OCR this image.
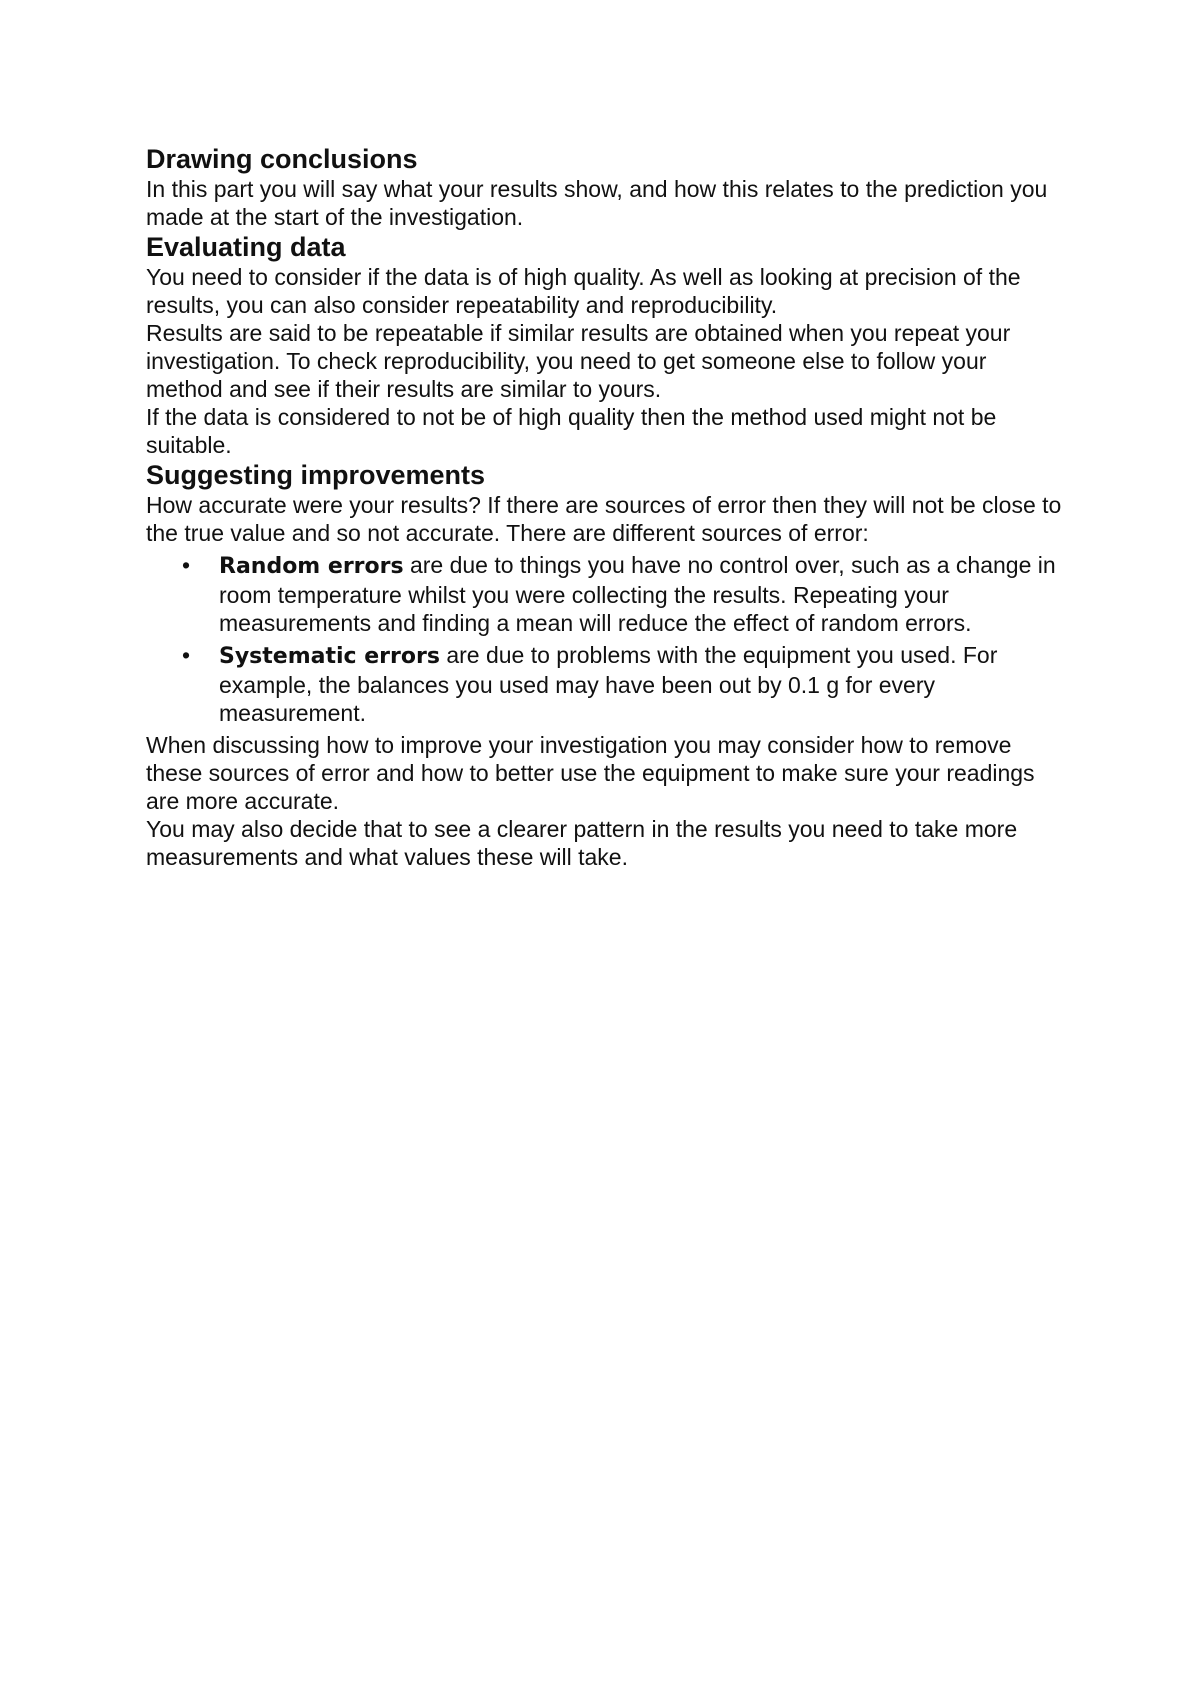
Drawing conclusions

In this part you will say what your results show, and how this relates to the prediction you made at the start of the investigation.

Evaluating data

You need to consider if the data is of high quality. As well as looking at precision of the results, you can also consider repeatability and reproducibility.

Results are said to be repeatable if similar results are obtained when you repeat your investigation. To check reproducibility, you need to get someone else to follow your method and see if their results are similar to yours.

If the data is considered to not be of high quality then the method used might not be suitable.

Suggesting improvements

How accurate were your results? If there are sources of error then they will not be close to the true value and so not accurate. There are different sources of error:

• Random errors are due to things you have no control over, such as a change in room temperature whilst you were collecting the results. Repeating your measurements and finding a mean will reduce the effect of random errors.
• Systematic errors are due to problems with the equipment you used. For example, the balances you used may have been out by 0.1 g for every measurement.

When discussing how to improve your investigation you may consider how to remove these sources of error and how to better use the equipment to make sure your readings are more accurate.

You may also decide that to see a clearer pattern in the results you need to take more measurements and what values these will take.
